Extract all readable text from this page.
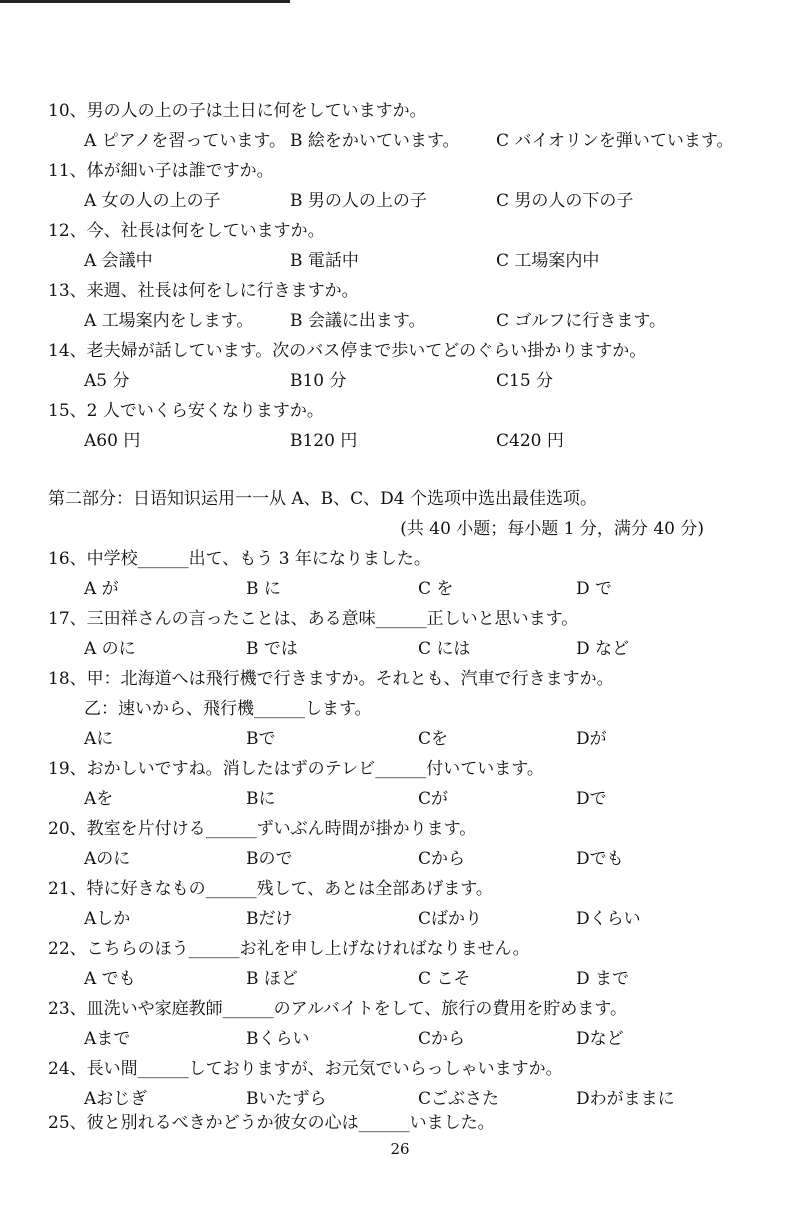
10、男の人の上の子は土日に何をしていますか。
A ピアノを習っています。 B 絵をかいています。 C バイオリンを弾いています。
11、体が細い子は誰ですか。
A 女の人の上の子	B 男の人の上の子	C 男の人の下の子
12、今、社長は何をしていますか。
A 会議中	B 電話中	C 工場案内中
13、来週、社長は何をしに行きますか。
A 工場案内をします。 B 会議に出ます。	C ゴルフに行きます。
14、老夫婦が話しています。次のバス停まで歩いてどのぐらい掛かりますか。
A5 分	B10 分	C15 分
15、2 人でいくら安くなりますか。
A60 円	B120 円	C420 円
第二部分：日语知识运用一一从 A、B、C、D4 个选项中选出最佳选项。
(共 40 小题；每小题 1 分，满分 40 分)
16、中学校______出て、もう 3 年になりました。
A が	B に	C を	D で
17、三田祥さんの言ったことは、ある意味______正しいと思います。
A のに	B では	C には	D など
18、甲：北海道へは飛行機で行きますか。それとも、汽車で行きますか。
乙：速いから、飛行機______します。
Aに	Bで	Cを	Dが
19、おかしいですね。消したはずのテレビ______付いています。
Aを	Bに	Cが	Dで
20、教室を片付ける______ずいぶん時間が掛かります。
Aのに	Bので	Cから	Dでも
21、特に好きなもの______残して、あとは全部あげます。
Aしか	Bだけ	Cばかり	Dくらい
22、こちらのほう______お礼を申し上げなければなりません。
A でも	B ほど	C こそ	D まで
23、皿洗いや家庭教師______のアルバイトをして、旅行の費用を貯めます。
Aまで	Bくらい	Cから	Dなど
24、長い間______しておりますが、お元気でいらっしゃいますか。
Aおじぎ	Bいたずら	Cごぶさた	Dわがままに
25、彼と別れるべきかどうか彼女の心は______いました。
26
